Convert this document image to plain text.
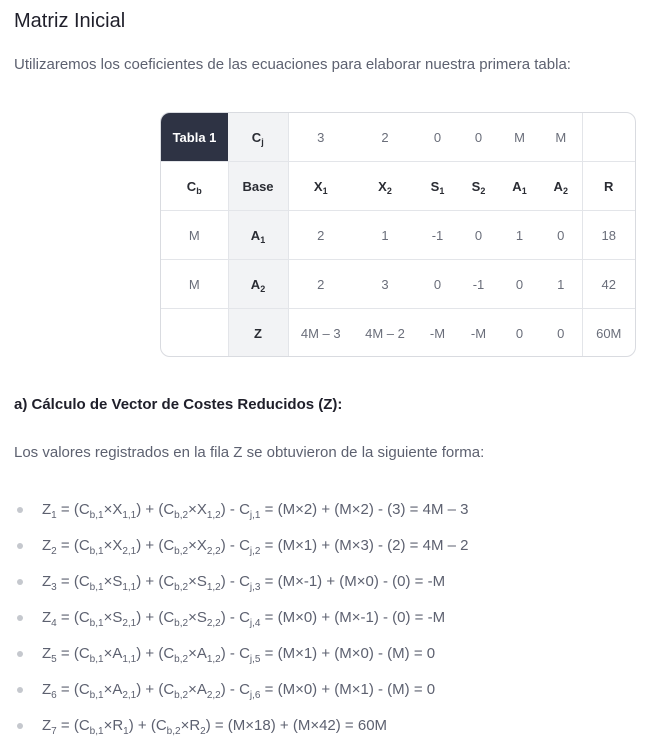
Matriz Inicial

Utilizaremos los coeficientes de las ecuaciones para elaborar nuestra primera tabla:

Tabla 1	$C_j$	3	2	0	0	M	M	
$C_b$	Base	$X_1$	$X_2$	$S_1$	$S_2$	$A_1$	$A_2$	R
M	$A_1$	2	1	-1	0	1	0	18
M	$A_2$	2	3	0	-1	0	1	42
	Z	4M – 3	4M – 2	-M	-M	0	0	60M

a) Cálculo de Vector de Costes Reducidos (Z):

Los valores registrados en la fila Z se obtuvieron de la siguiente forma:

$Z_1 = (C_{b,1}\times X_{1,1}) + (C_{b,2}\times X_{1,2}) - C_{j,1} = (M\times 2) + (M\times 2) - (3) = 4M - 3$
$Z_2 = (C_{b,1}\times X_{2,1}) + (C_{b,2}\times X_{2,2}) - C_{j,2} = (M\times 1) + (M\times 3) - (2) = 4M - 2$
$Z_3 = (C_{b,1}\times S_{1,1}) + (C_{b,2}\times S_{1,2}) - C_{j,3} = (M\times-1) + (M\times 0) - (0) = -M$
$Z_4 = (C_{b,1}\times S_{2,1}) + (C_{b,2}\times S_{2,2}) - C_{j,4} = (M\times 0) + (M\times-1) - (0) = -M$
$Z_5 = (C_{b,1}\times A_{1,1}) + (C_{b,2}\times A_{1,2}) - C_{j,5} = (M\times 1) + (M\times 0) - (M) = 0$
$Z_6 = (C_{b,1}\times A_{2,1}) + (C_{b,2}\times A_{2,2}) - C_{j,6} = (M\times 0) + (M\times 1) - (M) = 0$
$Z_7 = (C_{b,1}\times R_1) + (C_{b,2}\times R_2) = (M\times 18) + (M\times 42) = 60M$
